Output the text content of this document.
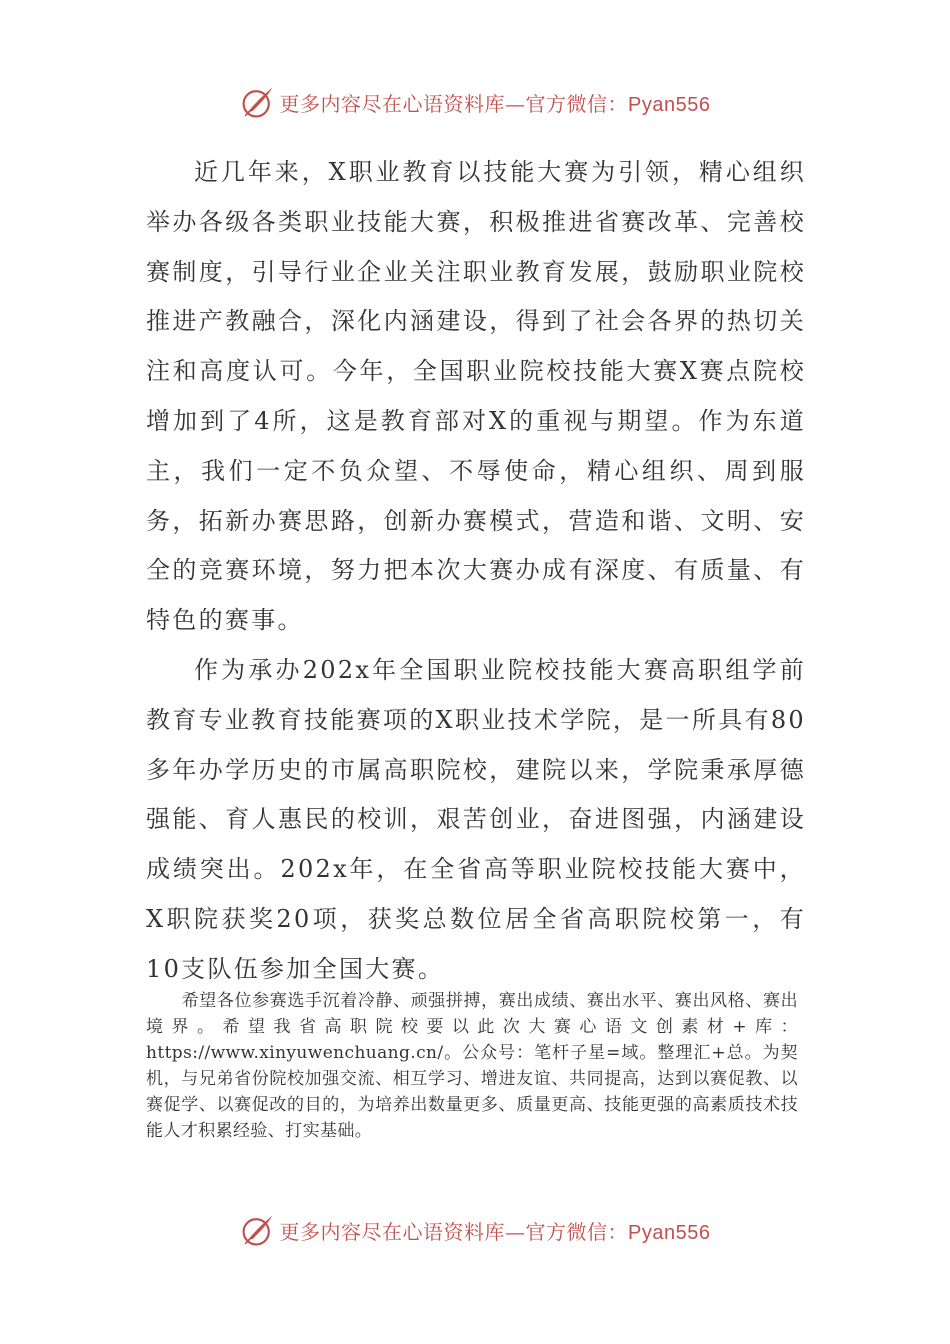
更多内容尽在心语资料库—官方微信：Pyan556

近几年来，X职业教育以技能大赛为引领，精心组织举办各级各类职业技能大赛，积极推进省赛改革、完善校赛制度，引导行业企业关注职业教育发展，鼓励职业院校推进产教融合，深化内涵建设，得到了社会各界的热切关注和高度认可。今年，全国职业院校技能大赛X赛点院校增加到了4所，这是教育部对X的重视与期望。作为东道主，我们一定不负众望、不辱使命，精心组织、周到服务，拓新办赛思路，创新办赛模式，营造和谐、文明、安全的竞赛环境，努力把本次大赛办成有深度、有质量、有特色的赛事。

作为承办202x年全国职业院校技能大赛高职组学前教育专业教育技能赛项的X职业技术学院，是一所具有80多年办学历史的市属高职院校，建院以来，学院秉承厚德强能、育人惠民的校训，艰苦创业，奋进图强，内涵建设成绩突出。202x年，在全省高等职业院校技能大赛中，X职院获奖20项，获奖总数位居全省高职院校第一，有10支队伍参加全国大赛。

希望各位参赛选手沉着冷静、顽强拼搏，赛出成绩、赛出水平、赛出风格、赛出境界。希望我省高职院校要以此次大赛心语文创素材+库：https://www.xinyuwenchuang.cn/。公众号：笔杆子星=域。整理汇+总。为契机，与兄弟省份院校加强交流、相互学习、增进友谊、共同提高，达到以赛促教、以赛促学、以赛促改的目的，为培养出数量更多、质量更高、技能更强的高素质技术技能人才积累经验、打实基础。

更多内容尽在心语资料库—官方微信：Pyan556
